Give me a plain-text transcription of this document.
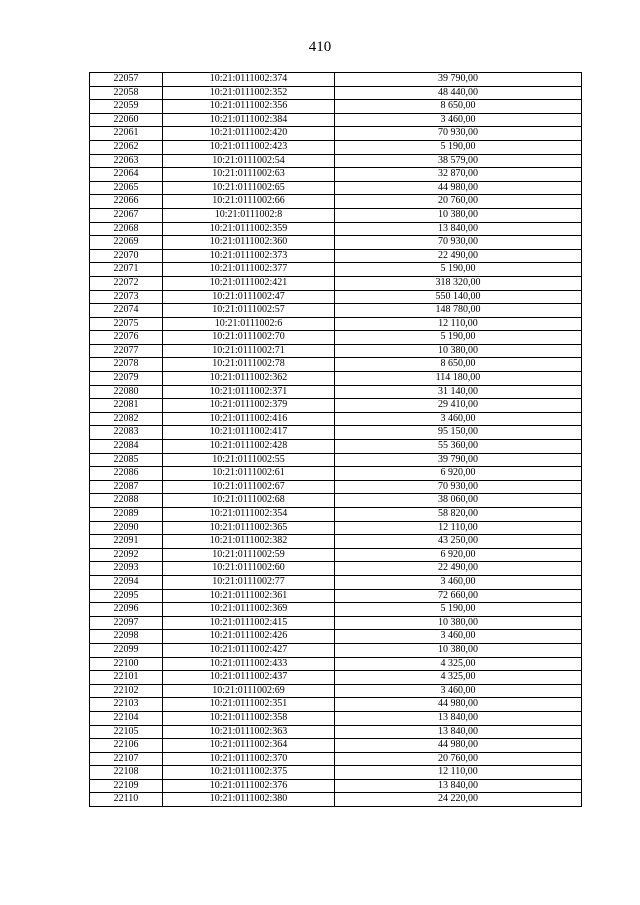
410
22057	10:21:0111002:374	39 790,00
22058	10:21:0111002:352	48 440,00
22059	10:21:0111002:356	8 650,00
22060	10:21:0111002:384	3 460,00
22061	10:21:0111002:420	70 930,00
22062	10:21:0111002:423	5 190,00
22063	10:21:0111002:54	38 579,00
22064	10:21:0111002:63	32 870,00
22065	10:21:0111002:65	44 980,00
22066	10:21:0111002:66	20 760,00
22067	10:21:0111002:8	10 380,00
22068	10:21:0111002:359	13 840,00
22069	10:21:0111002:360	70 930,00
22070	10:21:0111002:373	22 490,00
22071	10:21:0111002:377	5 190,00
22072	10:21:0111002:421	318 320,00
22073	10:21:0111002:47	550 140,00
22074	10:21:0111002:57	148 780,00
22075	10:21:0111002:6	12 110,00
22076	10:21:0111002:70	5 190,00
22077	10:21:0111002:71	10 380,00
22078	10:21:0111002:78	8 650,00
22079	10:21:0111002:362	114 180,00
22080	10:21:0111002:371	31 140,00
22081	10:21:0111002:379	29 410,00
22082	10:21:0111002:416	3 460,00
22083	10:21:0111002:417	95 150,00
22084	10:21:0111002:428	55 360,00
22085	10:21:0111002:55	39 790,00
22086	10:21:0111002:61	6 920,00
22087	10:21:0111002:67	70 930,00
22088	10:21:0111002:68	38 060,00
22089	10:21:0111002:354	58 820,00
22090	10:21:0111002:365	12 110,00
22091	10:21:0111002:382	43 250,00
22092	10:21:0111002:59	6 920,00
22093	10:21:0111002:60	22 490,00
22094	10:21:0111002:77	3 460,00
22095	10:21:0111002:361	72 660,00
22096	10:21:0111002:369	5 190,00
22097	10:21:0111002:415	10 380,00
22098	10:21:0111002:426	3 460,00
22099	10:21:0111002:427	10 380,00
22100	10:21:0111002:433	4 325,00
22101	10:21:0111002:437	4 325,00
22102	10:21:0111002:69	3 460,00
22103	10:21:0111002:351	44 980,00
22104	10:21:0111002:358	13 840,00
22105	10:21:0111002:363	13 840,00
22106	10:21:0111002:364	44 980,00
22107	10:21:0111002:370	20 760,00
22108	10:21:0111002:375	12 110,00
22109	10:21:0111002:376	13 840,00
22110	10:21:0111002:380	24 220,00
